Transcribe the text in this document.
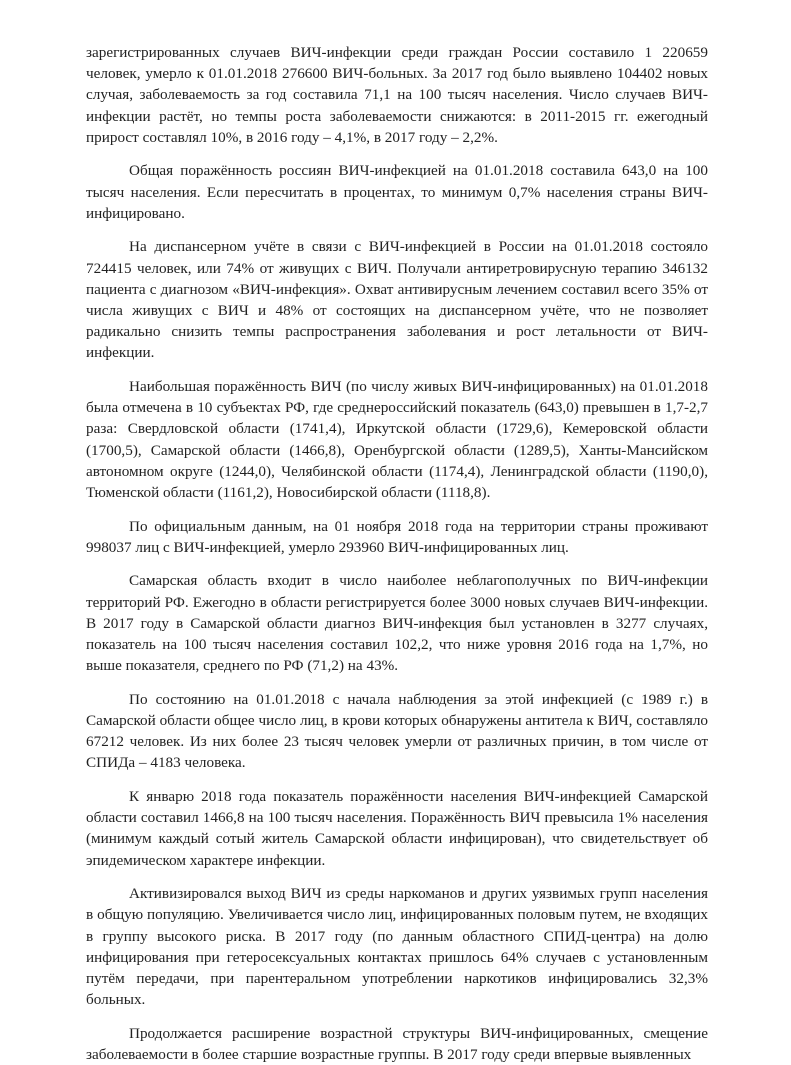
зарегистрированных случаев ВИЧ-инфекции среди граждан России составило 1 220659 человек, умерло к 01.01.2018 276600 ВИЧ-больных. За 2017 год было выявлено 104402 новых случая, заболеваемость за год составила 71,1 на 100 тысяч населения. Число случаев ВИЧ-инфекции растёт, но темпы роста заболеваемости снижаются: в 2011-2015 гг. ежегодный прирост составлял 10%, в 2016 году – 4,1%, в 2017 году – 2,2%.

Общая поражённость россиян ВИЧ-инфекцией на 01.01.2018 составила 643,0 на 100 тысяч населения. Если пересчитать в процентах, то минимум 0,7% населения страны ВИЧ-инфицировано.

На диспансерном учёте в связи с ВИЧ-инфекцией в России на 01.01.2018 состояло 724415 человек, или 74% от живущих с ВИЧ. Получали антиретровирусную терапию 346132 пациента с диагнозом «ВИЧ-инфекция». Охват антивирусным лечением составил всего 35% от числа живущих с ВИЧ и 48% от состоящих на диспансерном учёте, что не позволяет радикально снизить темпы распространения заболевания и рост летальности от ВИЧ-инфекции.

Наибольшая поражённость ВИЧ (по числу живых ВИЧ-инфицированных) на 01.01.2018 была отмечена в 10 субъектах РФ, где среднероссийский показатель (643,0) превышен в 1,7-2,7 раза: Свердловской области (1741,4), Иркутской области (1729,6), Кемеровской области (1700,5), Самарской области (1466,8), Оренбургской области (1289,5), Ханты-Мансийском автономном округе (1244,0), Челябинской области (1174,4), Ленинградской области (1190,0), Тюменской области (1161,2), Новосибирской области (1118,8).

По официальным данным, на 01 ноября 2018 года на территории страны проживают 998037 лиц с ВИЧ-инфекцией, умерло 293960 ВИЧ-инфицированных лиц.

Самарская область входит в число наиболее неблагополучных по ВИЧ-инфекции территорий РФ. Ежегодно в области регистрируется более 3000 новых случаев ВИЧ-инфекции. В 2017 году в Самарской области диагноз ВИЧ-инфекция был установлен в 3277 случаях, показатель на 100 тысяч населения составил 102,2, что ниже уровня 2016 года на 1,7%, но выше показателя, среднего по РФ (71,2) на 43%.

По состоянию на 01.01.2018 с начала наблюдения за этой инфекцией (с 1989 г.) в Самарской области общее число лиц, в крови которых обнаружены антитела к ВИЧ, составляло 67212 человек. Из них более 23 тысяч человек умерли от различных причин, в том числе от СПИДа – 4183 человека.

К январю 2018 года показатель поражённости населения ВИЧ-инфекцией Самарской области составил 1466,8 на 100 тысяч населения. Поражённость ВИЧ превысила 1% населения (минимум каждый сотый житель Самарской области инфицирован), что свидетельствует об эпидемическом характере инфекции.

Активизировался выход ВИЧ из среды наркоманов и других уязвимых групп населения в общую популяцию. Увеличивается число лиц, инфицированных половым путем, не входящих в группу высокого риска. В 2017 году (по данным областного СПИД-центра) на долю инфицирования при гетеросексуальных контактах пришлось 64% случаев с установленным путём передачи, при парентеральном употреблении наркотиков инфицировались 32,3% больных.

Продолжается расширение возрастной структуры ВИЧ-инфицированных, смещение заболеваемости в более старшие возрастные группы. В 2017 году среди впервые выявленных
